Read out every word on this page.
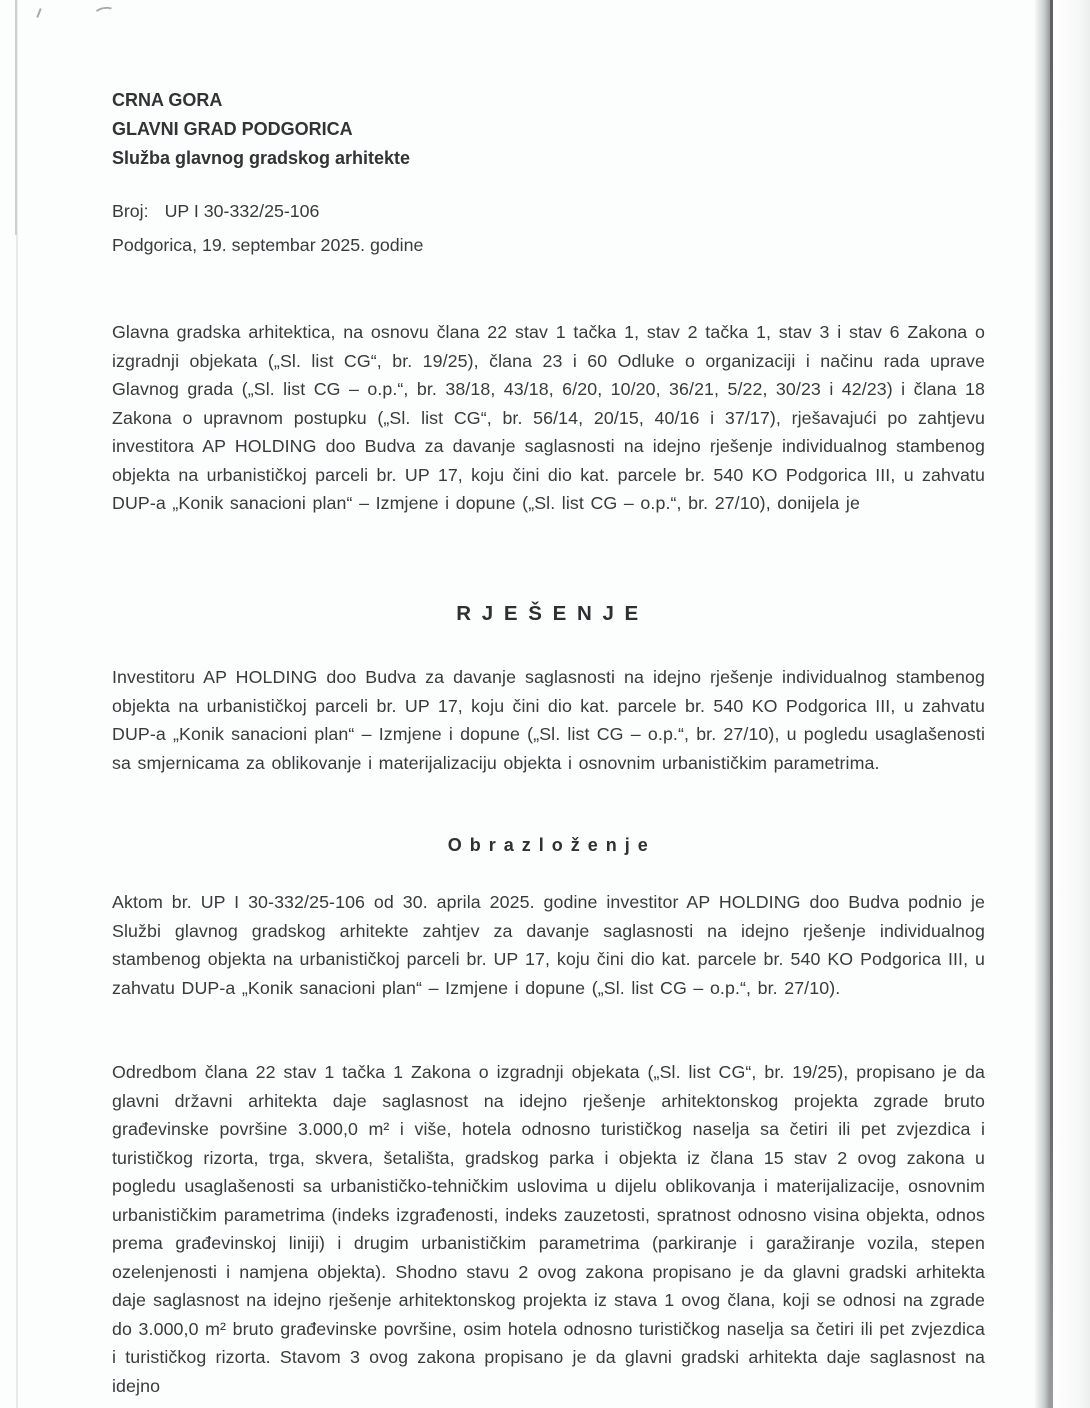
CRNA GORA
GLAVNI GRAD PODGORICA
Služba glavnog gradskog arhitekte
Broj: UP I 30-332/25-106
Podgorica, 19. septembar 2025. godine
Glavna gradska arhitektica, na osnovu člana 22 stav 1 tačka 1, stav 2 tačka 1, stav 3 i stav 6 Zakona o izgradnji objekata („Sl. list CG“, br. 19/25), člana 23 i 60 Odluke o organizaciji i načinu rada uprave Glavnog grada („Sl. list CG – o.p.“, br. 38/18, 43/18, 6/20, 10/20, 36/21, 5/22, 30/23 i 42/23) i člana 18 Zakona o upravnom postupku („Sl. list CG“, br. 56/14, 20/15, 40/16 i 37/17), rješavajući po zahtjevu investitora AP HOLDING doo Budva za davanje saglasnosti na idejno rješenje individualnog stambenog objekta na urbanističkoj parceli br. UP 17, koju čini dio kat. parcele br. 540 KO Podgorica III, u zahvatu DUP-a „Konik sanacioni plan“ – Izmjene i dopune („Sl. list CG – o.p.“, br. 27/10), donijela je
R J E Š E N J E
Investitoru AP HOLDING doo Budva za davanje saglasnosti na idejno rješenje individualnog stambenog objekta na urbanističkoj parceli br. UP 17, koju čini dio kat. parcele br. 540 KO Podgorica III, u zahvatu DUP-a „Konik sanacioni plan“ – Izmjene i dopune („Sl. list CG – o.p.“, br. 27/10), u pogledu usaglašenosti sa smjernicama za oblikovanje i materijalizaciju objekta i osnovnim urbanističkim parametrima.
O b r a z l o ž e n j e
Aktom br. UP I 30-332/25-106 od 30. aprila 2025. godine investitor AP HOLDING doo Budva podnio je Službi glavnog gradskog arhitekte zahtjev za davanje saglasnosti na idejno rješenje individualnog stambenog objekta na urbanističkoj parceli br. UP 17, koju čini dio kat. parcele br. 540 KO Podgorica III, u zahvatu DUP-a „Konik sanacioni plan“ – Izmjene i dopune („Sl. list CG – o.p.“, br. 27/10).
Odredbom člana 22 stav 1 tačka 1 Zakona o izgradnji objekata („Sl. list CG“, br. 19/25), propisano je da glavni državni arhitekta daje saglasnost na idejno rješenje arhitektonskog projekta zgrade bruto građevinske površine 3.000,0 m² i više, hotela odnosno turističkog naselja sa četiri ili pet zvjezdica i turističkog rizorta, trga, skvera, šetališta, gradskog parka i objekta iz člana 15 stav 2 ovog zakona u pogledu usaglašenosti sa urbanističko-tehničkim uslovima u dijelu oblikovanja i materijalizacije, osnovnim urbanističkim parametrima (indeks izgrađenosti, indeks zauzetosti, spratnost odnosno visina objekta, odnos prema građevinskoj liniji) i drugim urbanističkim parametrima (parkiranje i garažiranje vozila, stepen ozelenjenosti i namjena objekta). Shodno stavu 2 ovog zakona propisano je da glavni gradski arhitekta daje saglasnost na idejno rješenje arhitektonskog projekta iz stava 1 ovog člana, koji se odnosi na zgrade do 3.000,0 m² bruto građevinske površine, osim hotela odnosno turističkog naselja sa četiri ili pet zvjezdica i turističkog rizorta. Stavom 3 ovog zakona propisano je da glavni gradski arhitekta daje saglasnost na idejno
